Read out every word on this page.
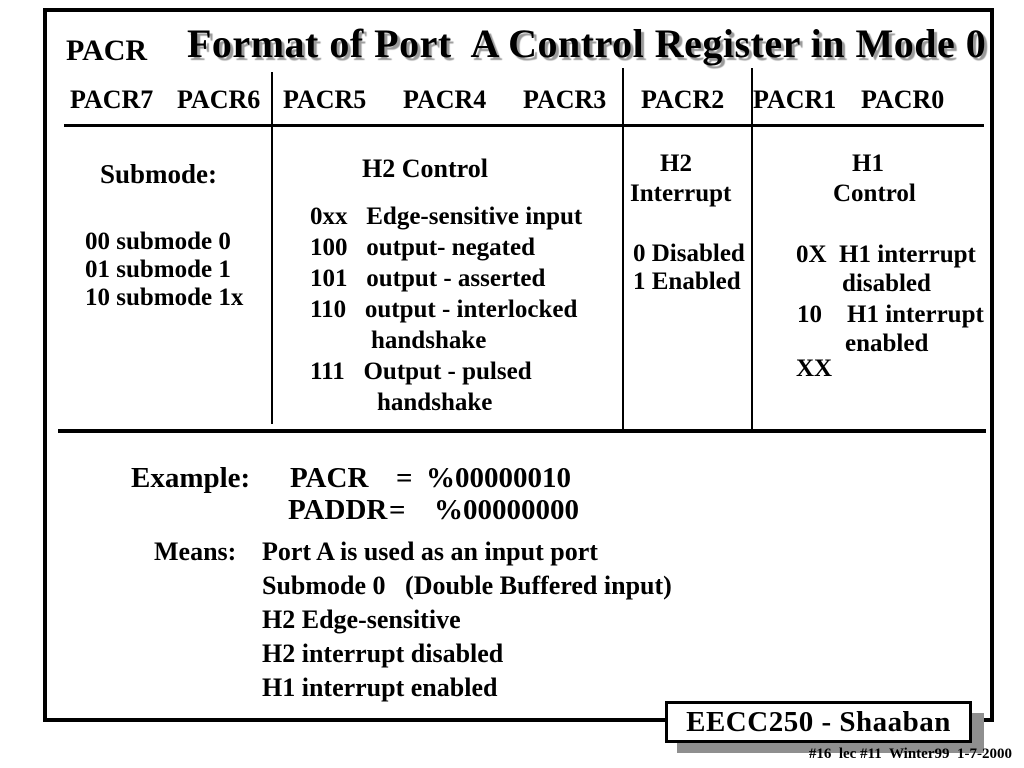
PACR Format of Port  A Control Register in Mode 0
PACR7 PACR6 PACR5 PACR4 PACR3 PACR2 PACR1 PACR0
Submode:
00 submode 0
01 submode 1
10 submode 1x
H2 Control
0xx   Edge-sensitive input
100   output- negated
101   output - asserted
110   output - interlocked
handshake
111   Output - pulsed
handshake
H2
Interrupt
0 Disabled
1 Enabled
H1
Control
0X  H1 interrupt
disabled
10    H1 interrupt
enabled
XX
Example: PACR = %00000010
PADDR = %00000000
Means: Port A is used as an input port
Submode 0   (Double Buffered input)
H2 Edge-sensitive
H2 interrupt disabled
H1 interrupt enabled
EECC250 - Shaaban
#16  lec #11  Winter99  1-7-2000
